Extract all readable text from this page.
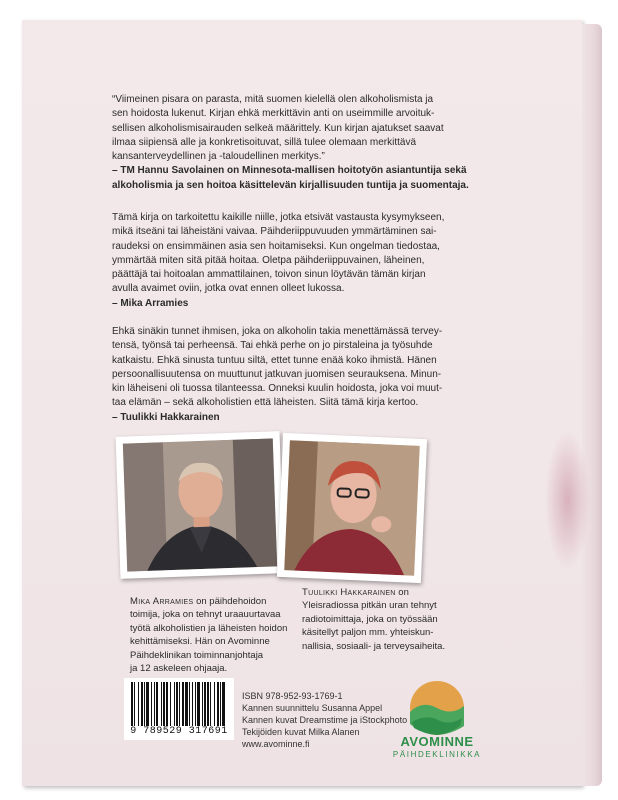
“Viimeinen pisara on parasta, mitä suomen kielellä olen alkoholismista ja
sen hoidosta lukenut. Kirjan ehkä merkittävin anti on useimmille arvoituk-
sellisen alkoholismisairauden selkeä määrittely. Kun kirjan ajatukset saavat
ilmaa siipiensä alle ja konkretisoituvat, sillä tulee olemaan merkittävä
kansanterveydellinen ja -taloudellinen merkitys.”
– TM Hannu Savolainen on Minnesota-mallisen hoitotyön asiantuntija sekä
alkoholismia ja sen hoitoa käsittelevän kirjallisuuden tuntija ja suomentaja.
Tämä kirja on tarkoitettu kaikille niille, jotka etsivät vastausta kysymykseen,
mikä itseäni tai läheistäni vaivaa. Päihderiippuvuuden ymmärtäminen sai-
raudeksi on ensimmäinen asia sen hoitamiseksi. Kun ongelman tiedostaa,
ymmärtää miten sitä pitää hoitaa. Oletpa päihderiippuvainen, läheinen,
päättäjä tai hoitoalan ammattilainen, toivon sinun löytävän tämän kirjan
avulla avaimet oviin, jotka ovat ennen olleet lukossa.
– Mika Arramies
Ehkä sinäkin tunnet ihmisen, joka on alkoholin takia menettämässä tervey-
tensä, työnsä tai perheensä. Tai ehkä perhe on jo pirstaleina ja työsuhde
katkaistu. Ehkä sinusta tuntuu siltä, ettet tunne enää koko ihmistä. Hänen
persoonallisuutensa on muuttunut jatkuvan juomisen seurauksena. Minun-
kin läheiseni oli tuossa tilanteessa. Onneksi kuulin hoidosta, joka voi muut-
taa elämän – sekä alkoholistien että läheisten. Siitä tämä kirja kertoo.
– Tuulikki Hakkarainen
Mika Arramies on päihdehoidon
toimija, joka on tehnyt uraauurtavaa
työtä alkoholistien ja läheisten hoidon
kehittämiseksi. Hän on Avominne
Päihdeklinikan toiminnanjohtaja
ja 12 askeleen ohjaaja.
Tuulikki Hakkarainen on
Yleisradiossa pitkän uran tehnyt
radiotoimittaja, joka on työssään
käsitellyt paljon mm. yhteiskun-
nallisia, sosiaali- ja terveysaiheita.
9 789529 317691
ISBN 978-952-93-1769-1
Kannen suunnittelu Susanna Appel
Kannen kuvat Dreamstime ja iStockphoto
Tekijöiden kuvat Milka Alanen
www.avominne.fi	AVOMINNE
PÄIHDEKLINIKKA
